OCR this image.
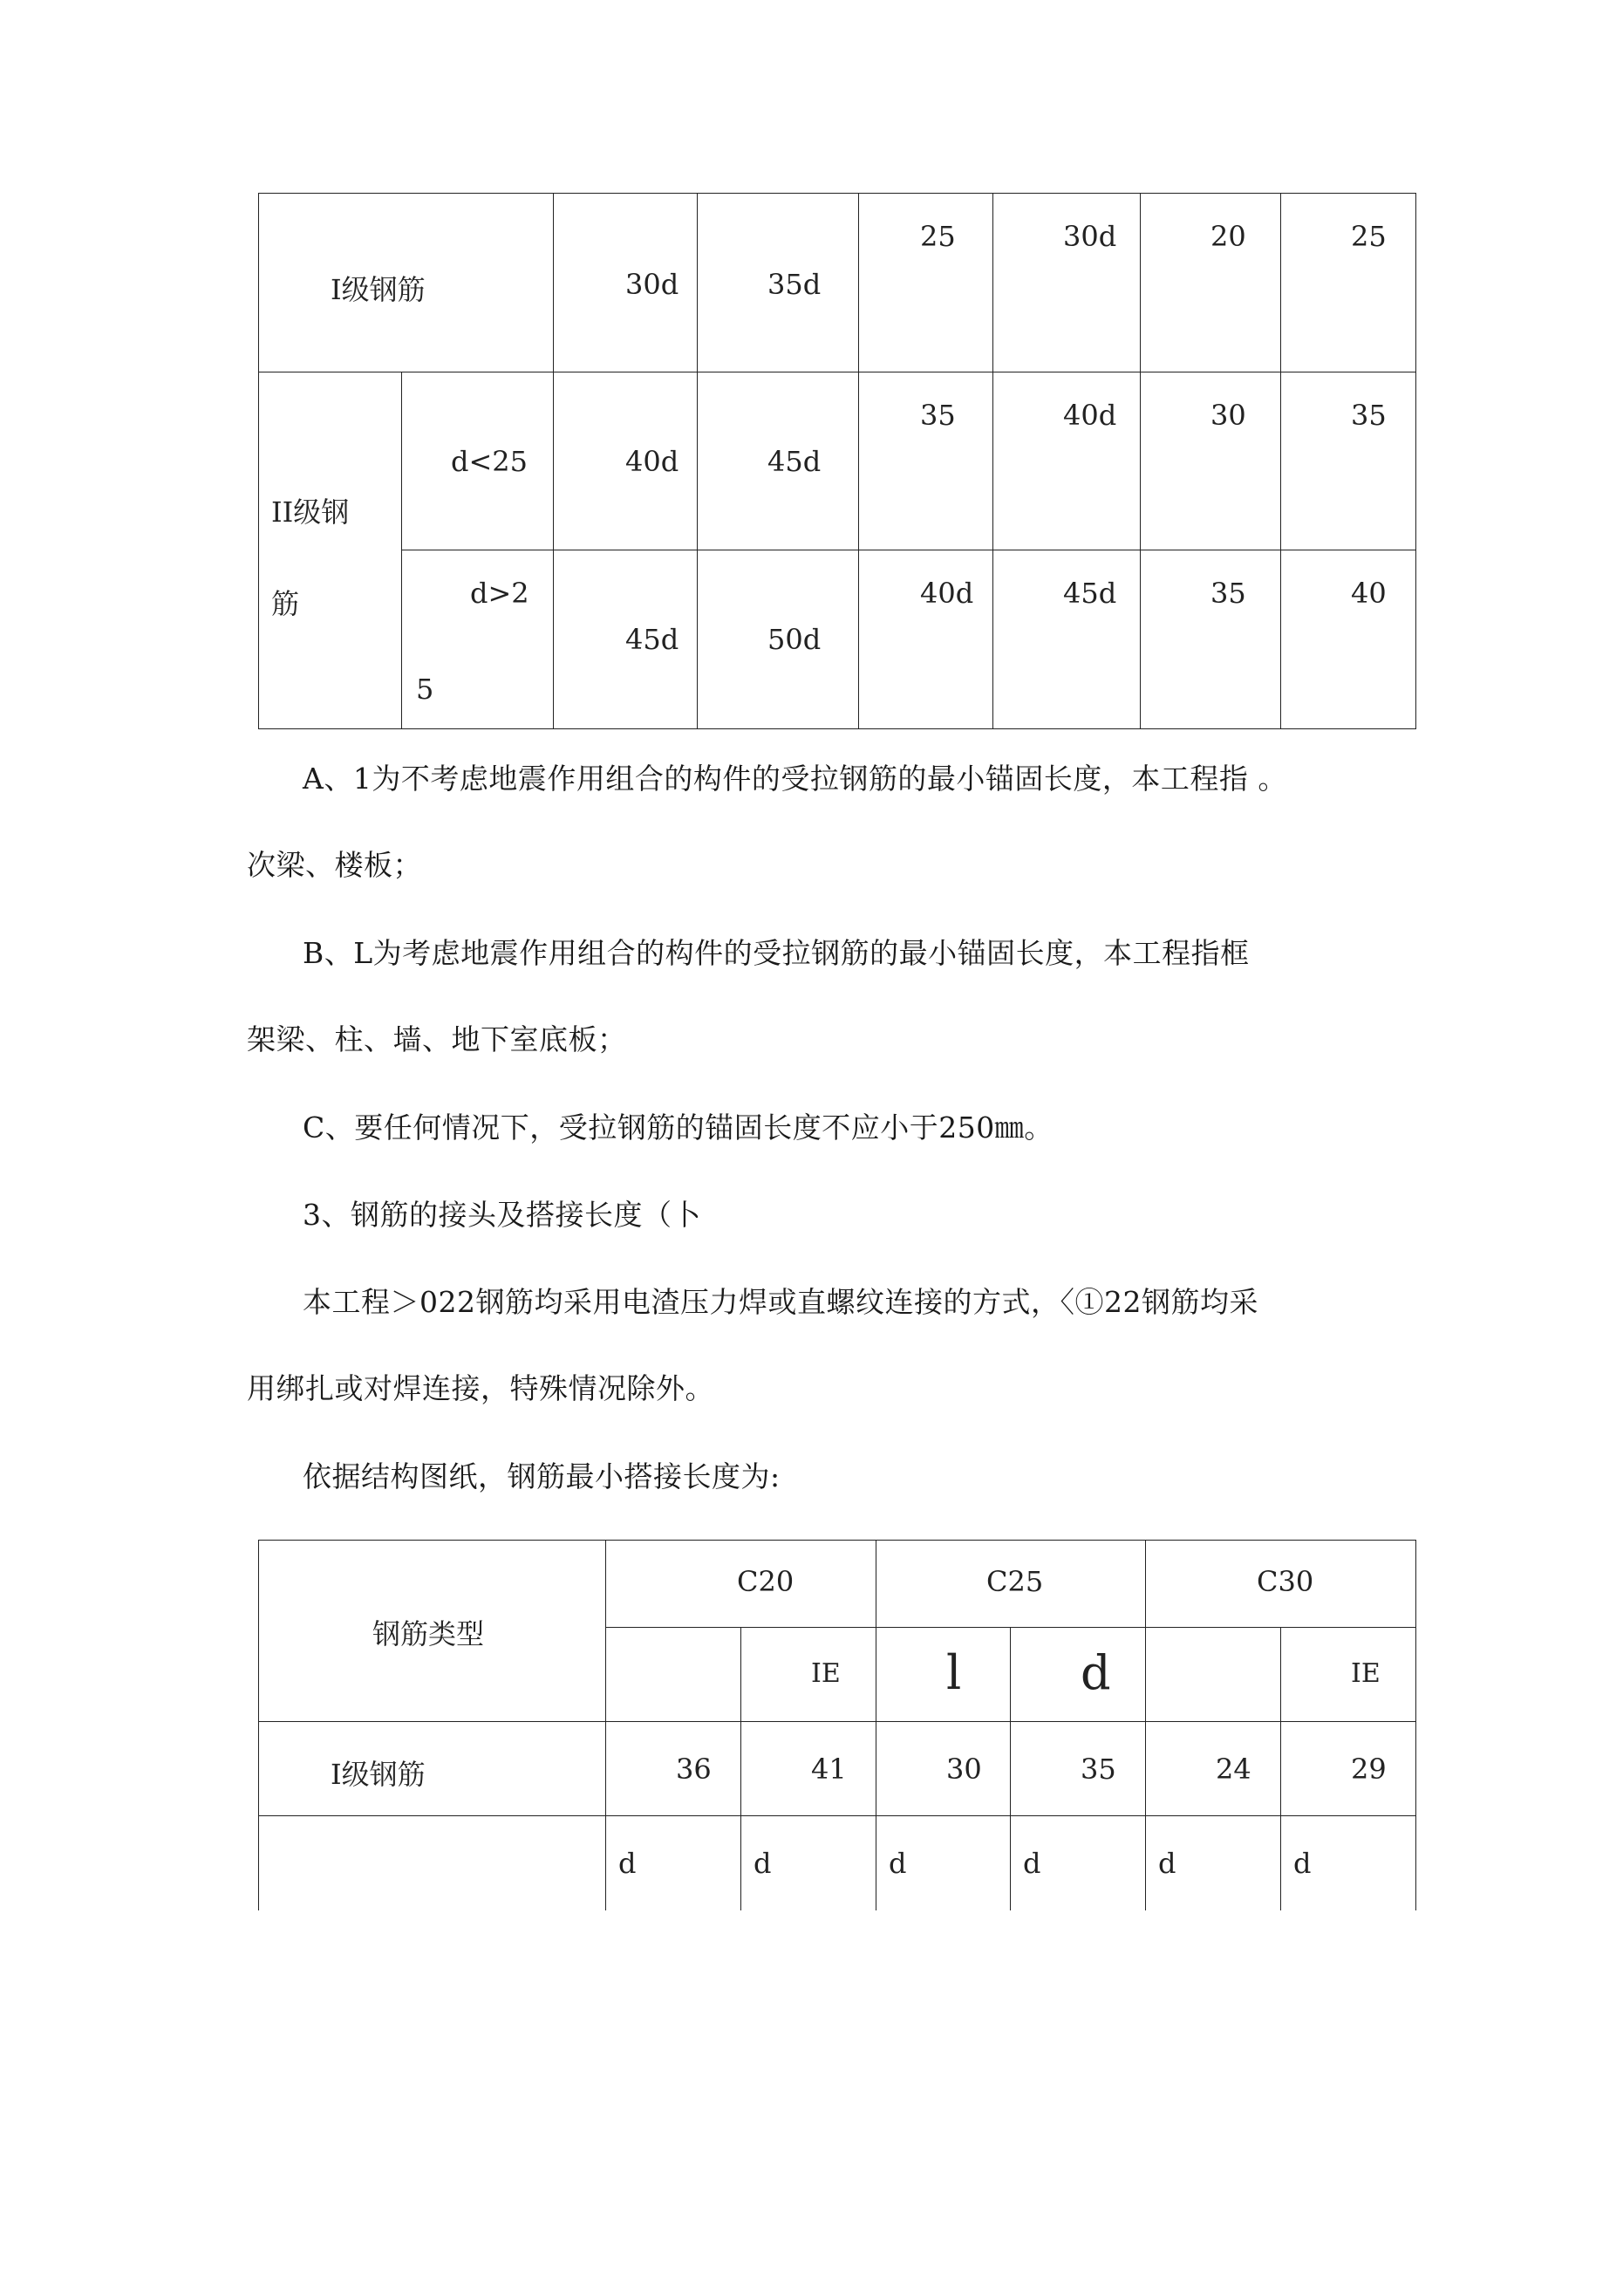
Ⅰ级钢筋		30d	35d	25	30d	20	25

II级钢
筋	d<25	40d	45d	35	40d	30	35

	d>2
5	45d	50d	40d	45d	35	40
A、1为不考虑地震作用组合的构件的受拉钢筋的最小锚固长度，本工程指 。
次梁、楼板；
B、L为考虑地震作用组合的构件的受拉钢筋的最小锚固长度，本工程指框
架梁、柱、墙、地下室底板；
C、要任何情况下，受拉钢筋的锚固长度不应小于250㎜。
3、钢筋的接头及搭接长度（卜
本工程＞022钢筋均采用电渣压力焊或直螺纹连接的方式，〈①22钢筋均采
用绑扎或对焊连接，特殊情况除外。
依据结构图纸，钢筋最小搭接长度为:
钢筋类型	C20		C25		C30	

		IE	l	d		IE

Ⅰ级钢筋	36	41	30	35	24	29

	d	d	d	d	d	d
